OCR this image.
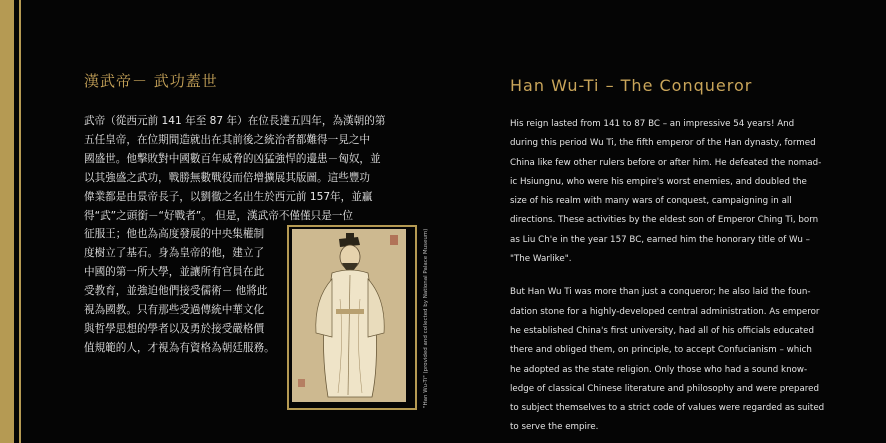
漢武帝－ 武功蓋世
武帝（從西元前 141 年至 87 年）在位長達五四年，為漢朝的第
五任皇帝，在位期間造就出在其前後之統治者都難得一見之中
國盛世。他擊敗對中國數百年威脅的凶猛強悍的邊患－匈奴，並
以其強盛之武功，戰勝無數戰役而倍增擴展其版圖。這些豐功
偉業都是由景帝長子，以劉徹之名出生於西元前 157年，並贏
得“武”之頭銜－“好戰者”。 但是，漢武帝不僅僅只是一位
征服王；他也為高度發展的中央集權制
度樹立了基石。身為皇帝的他，建立了
中國的第一所大學，並讓所有官員在此
受教育，並強迫他們接受儒術－ 他將此
視為國教。只有那些受過傳統中華文化
與哲學思想的學者以及勇於接受嚴格價
值規範的人，才視為有資格為朝廷服務。	"Han Wu-Ti" (provided and collected by National Palace Museum)
Han Wu-Ti – The Conqueror
His reign lasted from 141 to 87 BC – an impressive 54 years! And
during this period Wu Ti, the fifth emperor of the Han dynasty, formed
China like few other rulers before or after him. He defeated the nomad-
ic Hsiungnu, who were his empire's worst enemies, and doubled the
size of his realm with many wars of conquest, campaigning in all
directions. These activities by the eldest son of Emperor Ching Ti, born
as Liu Ch'e in the year 157 BC, earned him the honorary title of Wu –
"The Warlike".
But Han Wu Ti was more than just a conqueror; he also laid the foun-
dation stone for a highly-developed central administration. As emperor
he established China's first university, had all of his officials educated
there and obliged them, on principle, to accept Confucianism – which
he adopted as the state religion. Only those who had a sound know-
ledge of classical Chinese literature and philosophy and were prepared
to subject themselves to a strict code of values were regarded as suited
to serve the empire.
